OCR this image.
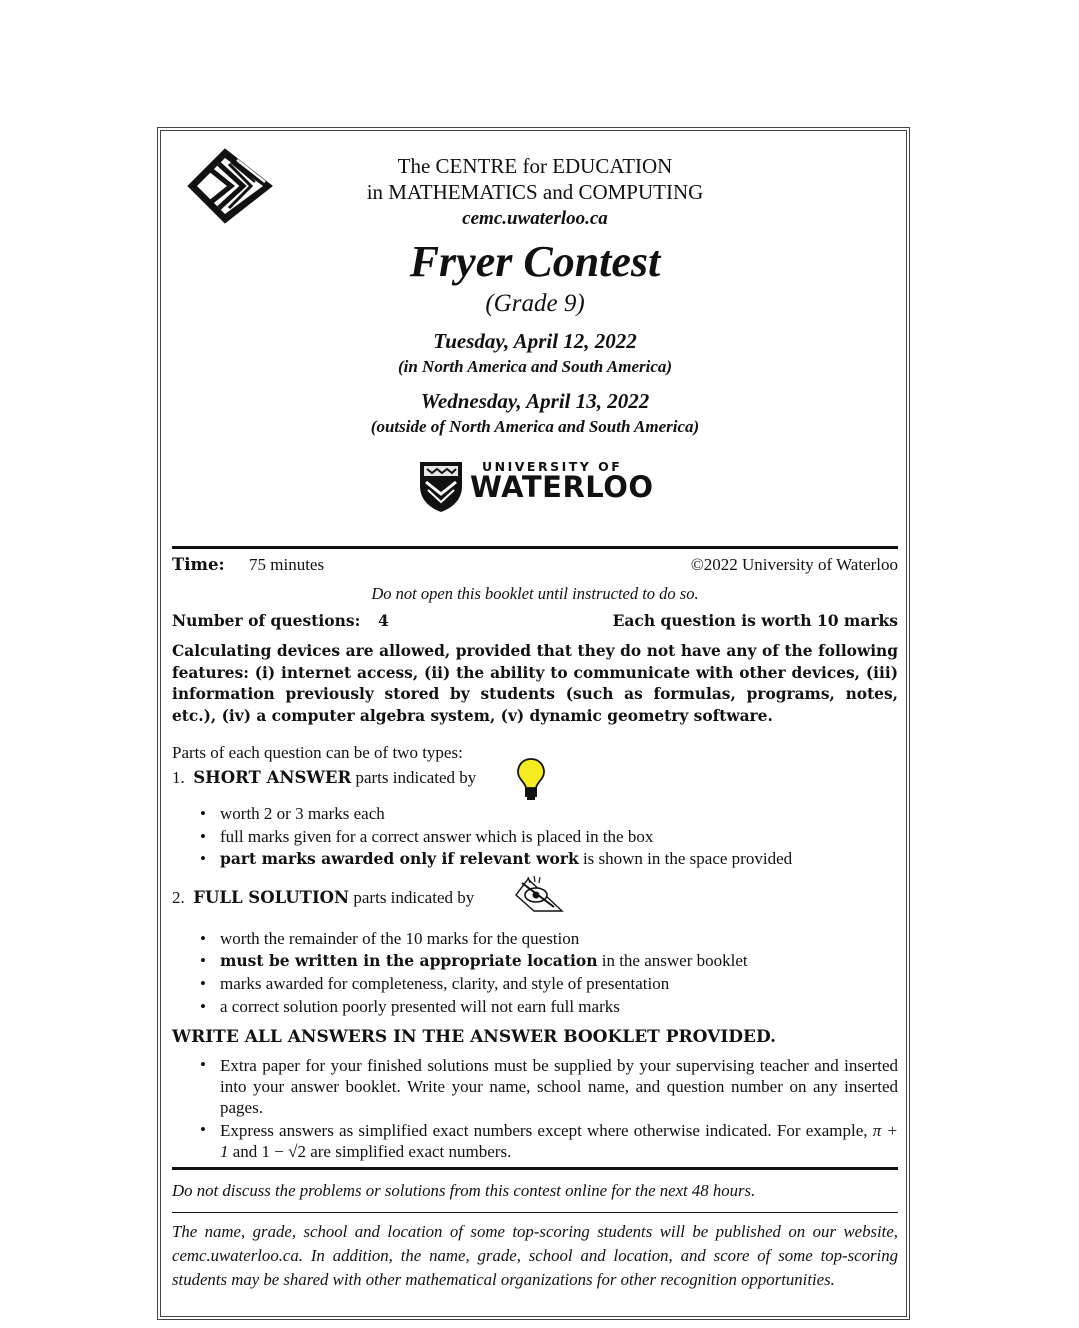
The CENTRE for EDUCATION
in MATHEMATICS and COMPUTING
cemc.uwaterloo.ca
Fryer Contest
(Grade 9)
Tuesday, April 12, 2022
(in North America and South America)
Wednesday, April 13, 2022
(outside of North America and South America)
UNIVERSITY OF
WATERLOO
Time: 75 minutes	©2022 University of Waterloo
Do not open this booklet until instructed to do so.
Number of questions: 4	Each question is worth 10 marks
Calculating devices are allowed, provided that they do not have any of the following features: (i) internet access, (ii) the ability to communicate with other devices, (iii) information previously stored by students (such as formulas, programs, notes, etc.), (iv) a computer algebra system, (v) dynamic geometry software.
Parts of each question can be of two types:
1. SHORT ANSWER parts indicated by
• worth 2 or 3 marks each
• full marks given for a correct answer which is placed in the box
• part marks awarded only if relevant work is shown in the space provided
2. FULL SOLUTION parts indicated by
• worth the remainder of the 10 marks for the question
• must be written in the appropriate location in the answer booklet
• marks awarded for completeness, clarity, and style of presentation
• a correct solution poorly presented will not earn full marks
WRITE ALL ANSWERS IN THE ANSWER BOOKLET PROVIDED.
• Extra paper for your finished solutions must be supplied by your supervising teacher and inserted into your answer booklet. Write your name, school name, and question number on any inserted pages.
• Express answers as simplified exact numbers except where otherwise indicated. For example, π + 1 and 1 − √2 are simplified exact numbers.
Do not discuss the problems or solutions from this contest online for the next 48 hours.
The name, grade, school and location of some top-scoring students will be published on our website, cemc.uwaterloo.ca. In addition, the name, grade, school and location, and score of some top-scoring students may be shared with other mathematical organizations for other recognition opportunities.
